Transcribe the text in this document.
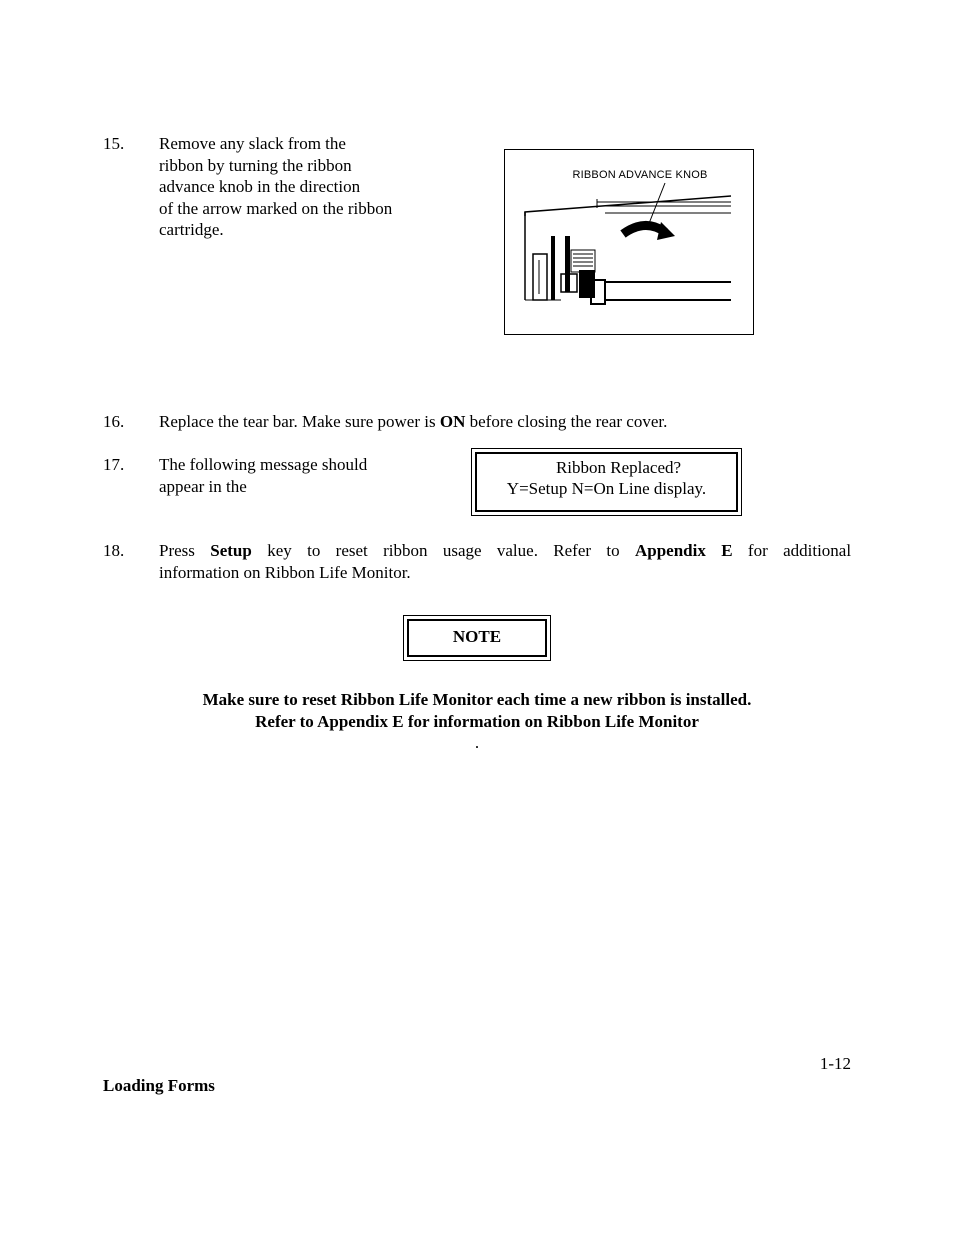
15. Remove any slack from the
ribbon by turning the ribbon
advance knob in the direction
of the arrow marked on the ribbon
cartridge.
RIBBON ADVANCE KNOB
16. Replace the tear bar. Make sure power is ON before closing the rear cover.
17. The following message should
appear in the
Ribbon Replaced?
Y=Setup N=On Line display.
18. Press Setup key to reset ribbon usage value. Refer to Appendix E for additional
information on Ribbon Life Monitor.
NOTE
Make sure to reset Ribbon Life Monitor each time a new ribbon is installed.
Refer to Appendix E for information on Ribbon Life Monitor
.
1-12
Loading Forms
